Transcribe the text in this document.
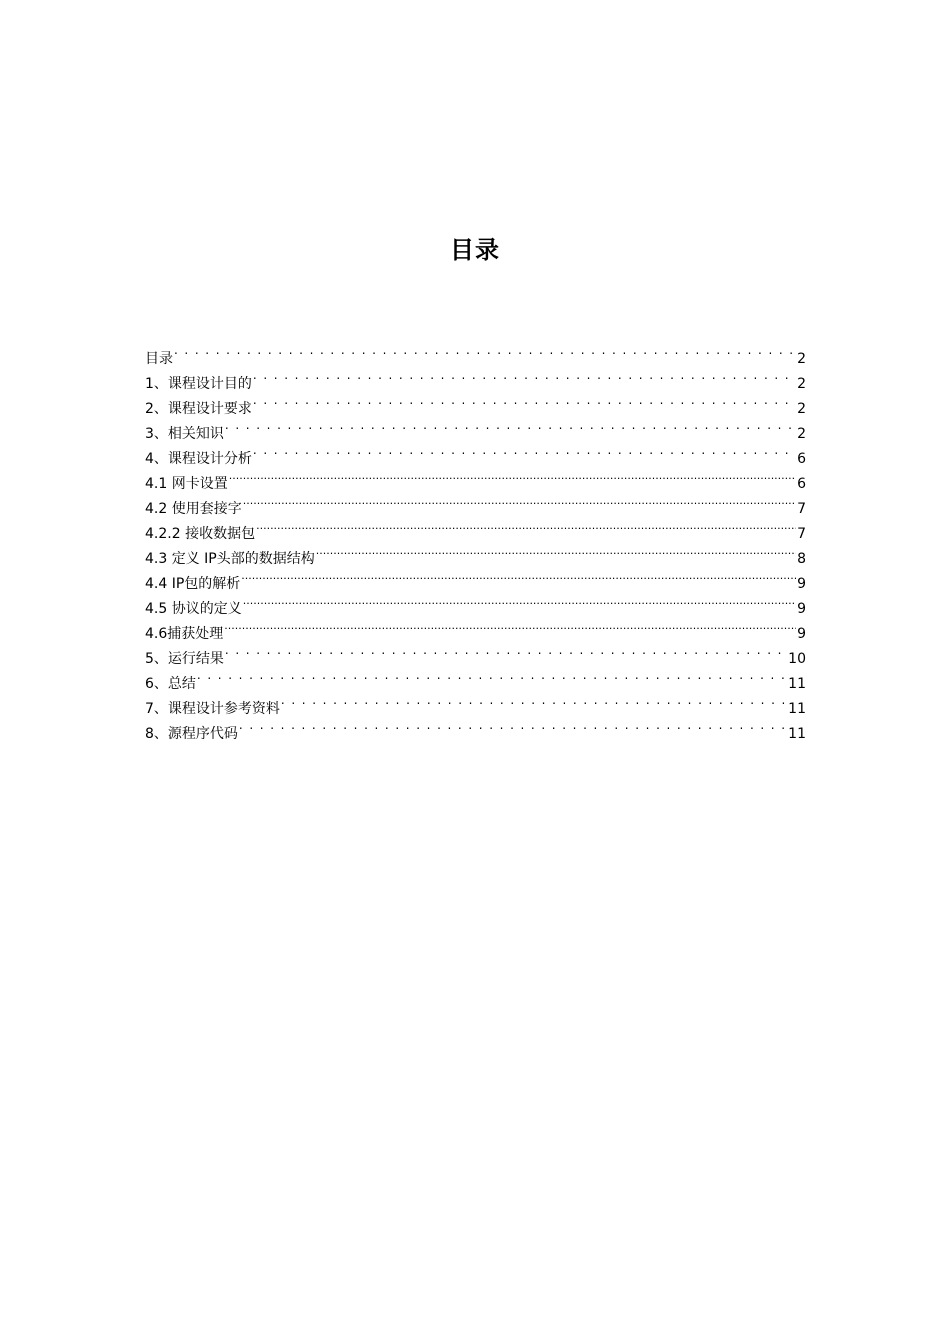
目录
目录 . . .	2
1、课程设计目的 . . .	2
2、课程设计要求 . . .	2
3、相关知识 . . .	2
4、课程设计分析 . . .	6
4.1 网卡设置 .....	6
4.2 使用套接字 .....	7
4.2.2 接收数据包 .....	7
4.3 定义 IP头部的数据结构 .....	8
4.4 IP包的解析 .....	9
4.5 协议的定义 .....	9
4.6捕获处理 .....	9
5、运行结果 . . .	10
6、总结 . . .	11
7、课程设计参考资料 . . .	11
8、源程序代码 . . .	11
